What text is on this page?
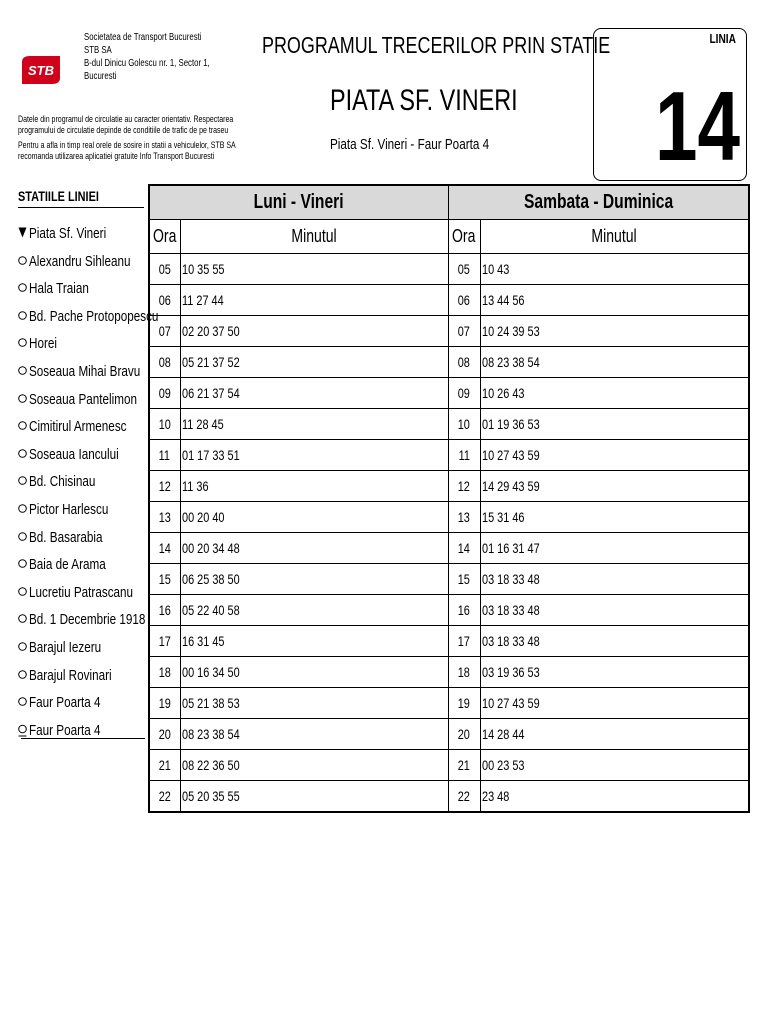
STB
Societatea de Transport Bucuresti
STB SA
B-dul Dinicu Golescu nr. 1, Sector 1,
Bucuresti
Datele din programul de circulatie au caracter orientativ. Respectarea
programului de circulatie depinde de conditiile de trafic de pe traseu
Pentru a afla in timp real orele de sosire in statii a vehiculelor, STB SA
recomanda utilizarea aplicatiei gratuite Info Transport Bucuresti
PROGRAMUL TRECERILOR PRIN STATIE
PIATA SF. VINERI
Piata Sf. Vineri - Faur Poarta 4
LINIA
14
STATIILE LINIEI
Piata Sf. Vineri
Alexandru Sihleanu
Hala Traian
Bd. Pache Protopopescu
Horei
Soseaua Mihai Bravu
Soseaua Pantelimon
Cimitirul Armenesc
Soseaua Iancului
Bd. Chisinau
Pictor Harlescu
Bd. Basarabia
Baia de Arama
Lucretiu Patrascanu
Bd. 1 Decembrie 1918
Barajul Iezeru
Barajul Rovinari
Faur Poarta 4
Faur Poarta 4
Luni - Vineri		Sambata - Duminica	
Ora	Minutul	Ora	Minutul
05	10 35 55	05	10 43
06	11 27 44	06	13 44 56
07	02 20 37 50	07	10 24 39 53
08	05 21 37 52	08	08 23 38 54
09	06 21 37 54	09	10 26 43
10	11 28 45	10	01 19 36 53
11	01 17 33 51	11	10 27 43 59
12	11 36	12	14 29 43 59
13	00 20 40	13	15 31 46
14	00 20 34 48	14	01 16 31 47
15	06 25 38 50	15	03 18 33 48
16	05 22 40 58	16	03 18 33 48
17	16 31 45	17	03 18 33 48
18	00 16 34 50	18	03 19 36 53
19	05 21 38 53	19	10 27 43 59
20	08 23 38 54	20	14 28 44
21	08 22 36 50	21	00 23 53
22	05 20 35 55	22	23 48
